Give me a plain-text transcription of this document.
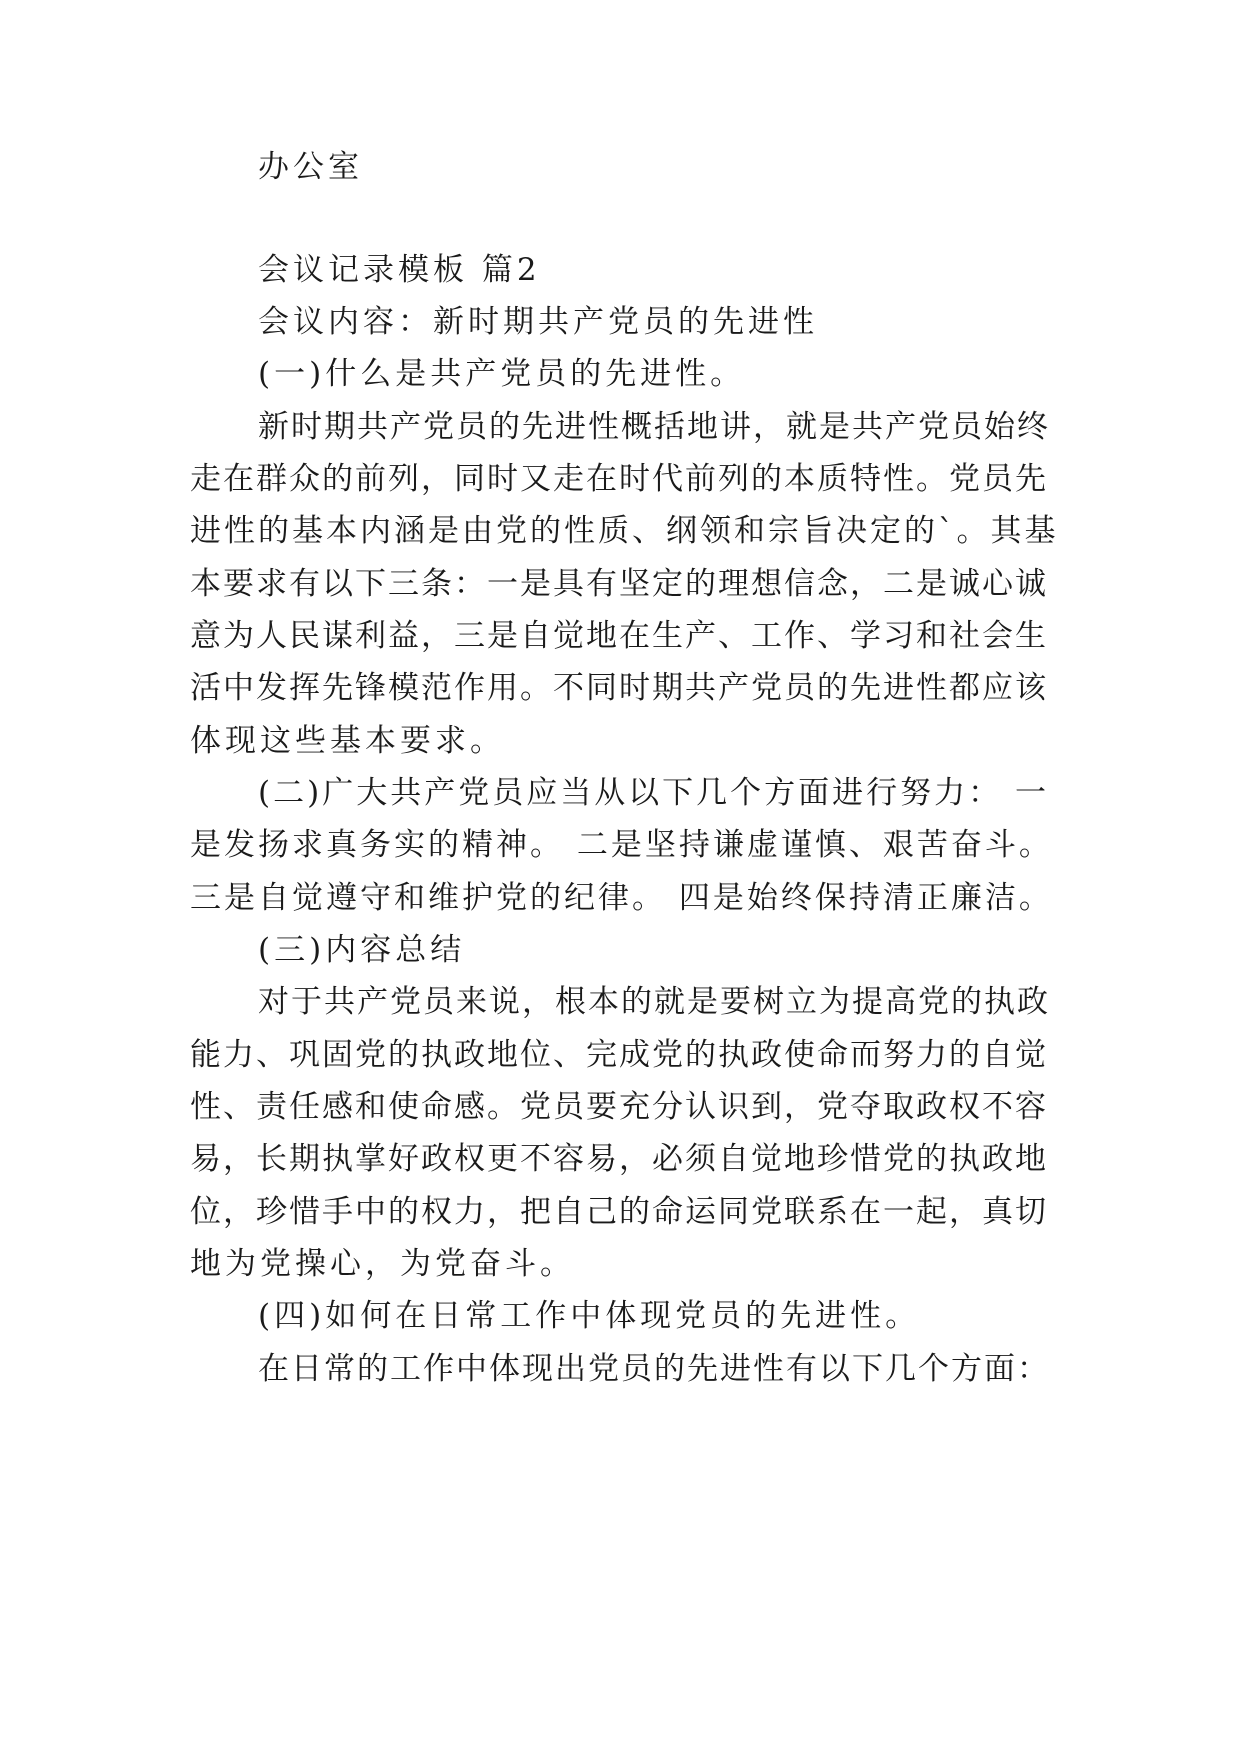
办公室
会议记录模板 篇2
会议内容：新时期共产党员的先进性
(一)什么是共产党员的先进性。
新时期共产党员的先进性概括地讲，就是共产党员始终
走在群众的前列，同时又走在时代前列的本质特性。党员先
进性的基本内涵是由党的性质、纲领和宗旨决定的`。其基
本要求有以下三条：一是具有坚定的理想信念，二是诚心诚
意为人民谋利益，三是自觉地在生产、工作、学习和社会生
活中发挥先锋模范作用。不同时期共产党员的先进性都应该
体现这些基本要求。
(二)广大共产党员应当从以下几个方面进行努力： 一
是发扬求真务实的精神。 二是坚持谦虚谨慎、艰苦奋斗。
三是自觉遵守和维护党的纪律。 四是始终保持清正廉洁。
(三)内容总结
对于共产党员来说，根本的就是要树立为提高党的执政
能力、巩固党的执政地位、完成党的执政使命而努力的自觉
性、责任感和使命感。党员要充分认识到，党夺取政权不容
易，长期执掌好政权更不容易，必须自觉地珍惜党的执政地
位，珍惜手中的权力，把自己的命运同党联系在一起，真切
地为党操心，为党奋斗。
(四)如何在日常工作中体现党员的先进性。
在日常的工作中体现出党员的先进性有以下几个方面：
